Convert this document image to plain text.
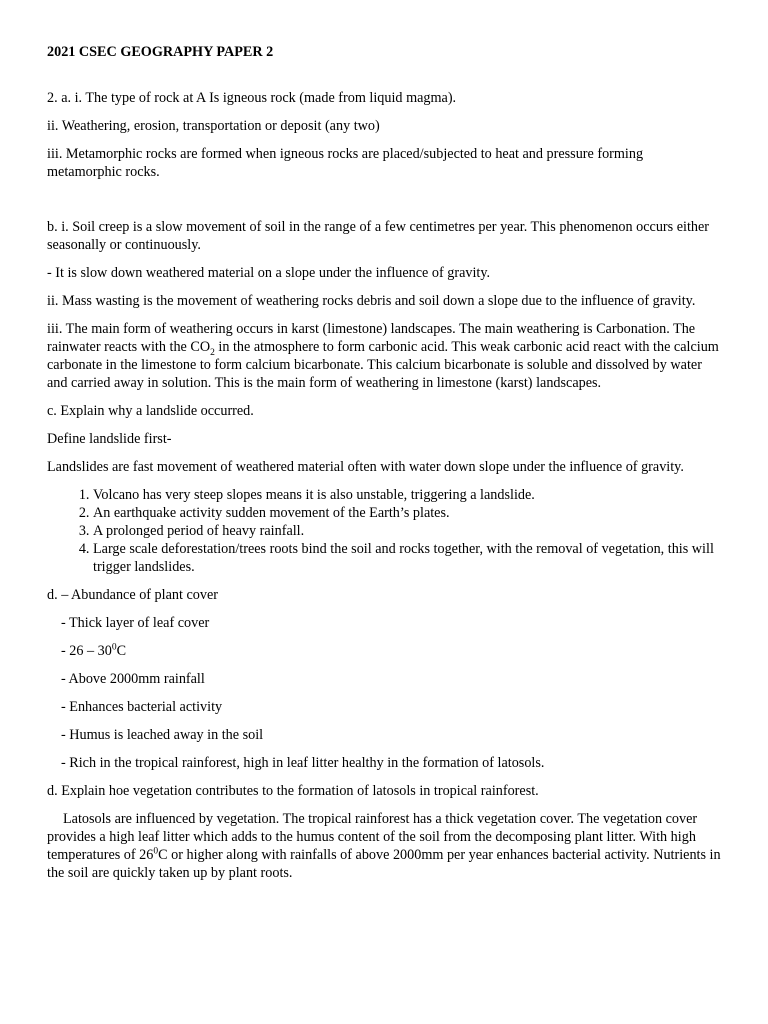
2021 CSEC GEOGRAPHY PAPER 2

2. a. i. The type of rock at A Is igneous rock (made from liquid magma).

ii. Weathering, erosion, transportation or deposit (any two)

iii. Metamorphic rocks are formed when igneous rocks are placed/subjected to heat and pressure forming metamorphic rocks.

b. i. Soil creep is a slow movement of soil in the range of a few centimetres per year. This phenomenon occurs either seasonally or continuously.

- It is slow down weathered material on a slope under the influence of gravity.

ii. Mass wasting is the movement of weathering rocks debris and soil down a slope due to the influence of gravity.

iii. The main form of weathering occurs in karst (limestone) landscapes. The main weathering is Carbonation. The rainwater reacts with the $CO_2$ in the atmosphere to form carbonic acid. This weak carbonic acid react with the calcium carbonate in the limestone to form calcium bicarbonate. This calcium bicarbonate is soluble and dissolved by water and carried away in solution. This is the main form of weathering in limestone (karst) landscapes.

c. Explain why a landslide occurred.

Define landslide first-

Landslides are fast movement of weathered material often with water down slope under the influence of gravity.

1. Volcano has very steep slopes means it is also unstable, triggering a landslide.
2. An earthquake activity sudden movement of the Earth’s plates.
3. A prolonged period of heavy rainfall.
4. Large scale deforestation/trees roots bind the soil and rocks together, with the removal of vegetation, this will trigger landslides.

d. – Abundance of plant cover

- Thick layer of leaf cover

- $26 - 30^0C$

- Above 2000mm rainfall

- Enhances bacterial activity

- Humus is leached away in the soil

- Rich in the tropical rainforest, high in leaf litter healthy in the formation of latosols.

d. Explain hoe vegetation contributes to the formation of latosols in tropical rainforest.

Latosols are influenced by vegetation. The tropical rainforest has a thick vegetation cover. The vegetation cover provides a high leaf litter which adds to the humus content of the soil from the decomposing plant litter. With high temperatures of $26^0C$ or higher along with rainfalls of above 2000mm per year enhances bacterial activity. Nutrients in the soil are quickly taken up by plant roots.
